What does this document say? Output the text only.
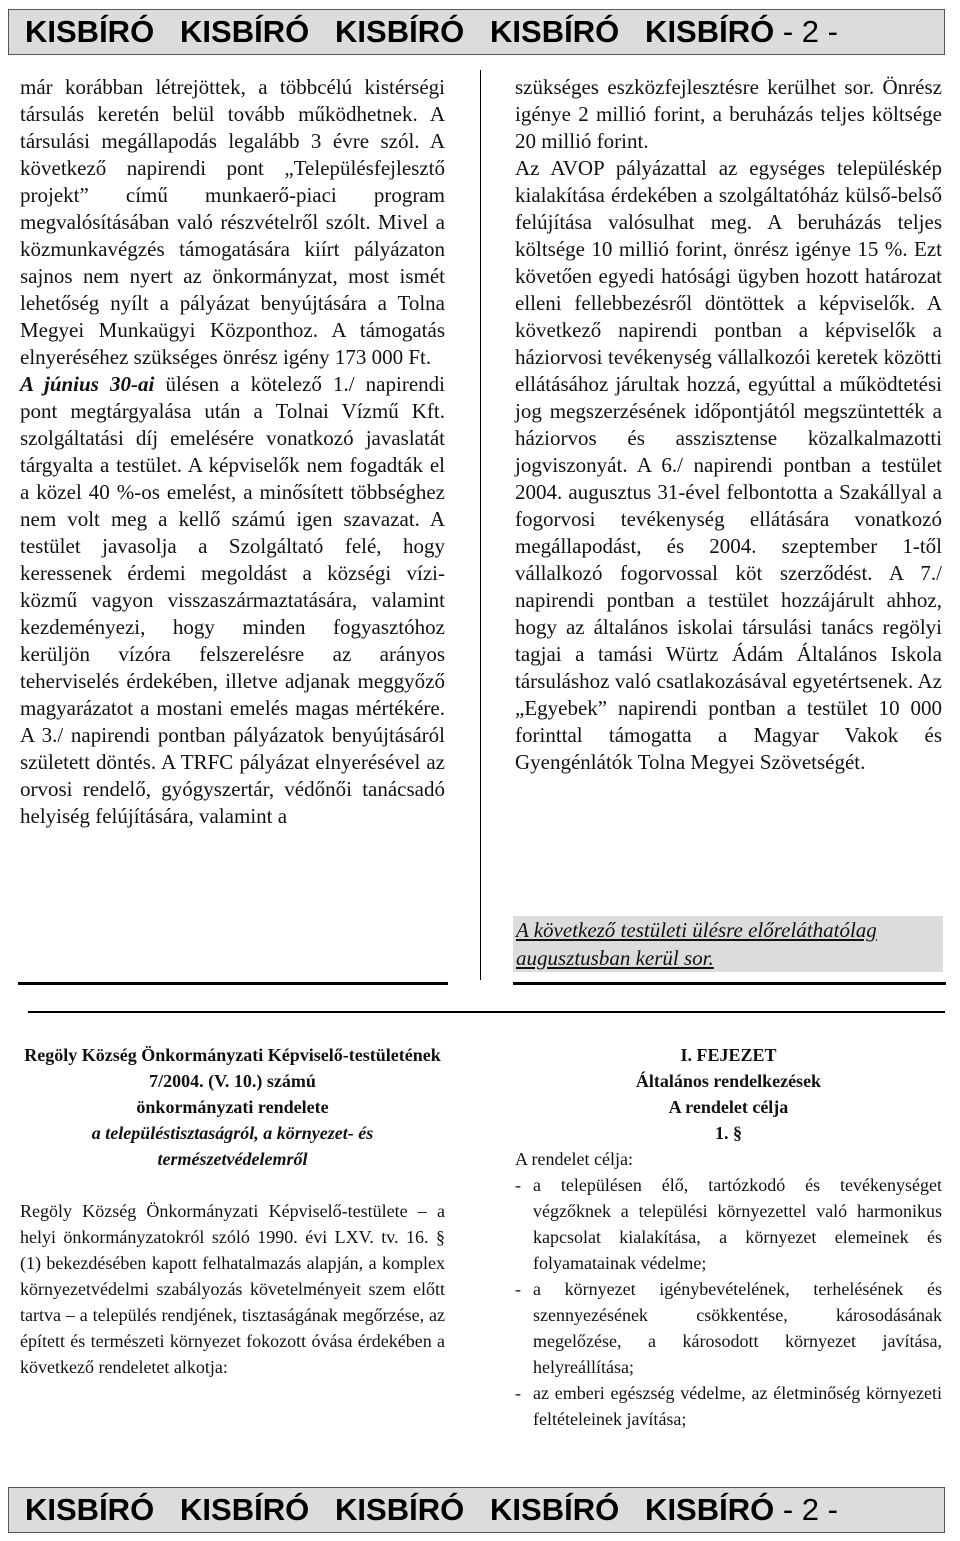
KISBÍRÓ   KISBÍRÓ   KISBÍRÓ   KISBÍRÓ   KISBÍRÓ - 2 -

már korábban létrejöttek, a többcélú kistérségi társulás keretén belül tovább működhetnek. A társulási megállapodás legalább 3 évre szól. A következő napirendi pont „Településfejlesztő projekt” című munkaerő-piaci program megvalósításában való részvételről szólt. Mivel a közmunkavégzés támogatására kiírt pályázaton sajnos nem nyert az önkormányzat, most ismét lehetőség nyílt a pályázat benyújtására a Tolna Megyei Munkaügyi Központhoz. A támogatás elnyeréséhez szükséges önrész igény 173 000 Ft.

A június 30-ai ülésen a kötelező 1./ napirendi pont megtárgyalása után a Tolnai Vízmű Kft. szolgáltatási díj emelésére vonatkozó javaslatát tárgyalta a testület. A képviselők nem fogadták el a közel 40 %-os emelést, a minősített többséghez nem volt meg a kellő számú igen szavazat. A testület javasolja a Szolgáltató felé, hogy keressenek érdemi megoldást a községi vízi-közmű vagyon visszaszármaztatására, valamint kezdeményezi, hogy minden fogyasztóhoz kerüljön vízóra felszerelésre az arányos teherviselés érdekében, illetve adjanak meggyőző magyarázatot a mostani emelés magas mértékére. A 3./ napirendi pontban pályázatok benyújtásáról született döntés. A TRFC pályázat elnyerésével az orvosi rendelő, gyógyszertár, védőnői tanácsadó helyiség felújítására, valamint a

szükséges eszközfejlesztésre kerülhet sor. Önrész igénye 2 millió forint, a beruházás teljes költsége 20 millió forint.

Az AVOP pályázattal az egységes településkép kialakítása érdekében a szolgáltatóház külső-belső felújítása valósulhat meg. A beruházás teljes költsége 10 millió forint, önrész igénye 15 %. Ezt követően egyedi hatósági ügyben hozott határozat elleni fellebbezésről döntöttek a képviselők. A következő napirendi pontban a képviselők a háziorvosi tevékenység vállalkozói keretek közötti ellátásához járultak hozzá, egyúttal a működtetési jog megszerzésének időpontjától megszüntették a háziorvos és asszisztense közalkalmazotti jogviszonyát. A 6./ napirendi pontban a testület 2004. augusztus 31-ével felbontotta a Szakállyal a fogorvosi tevékenység ellátására vonatkozó megállapodást, és 2004. szeptember 1-től vállalkozó fogorvossal köt szerződést. A 7./ napirendi pontban a testület hozzájárult ahhoz, hogy az általános iskolai társulási tanács regölyi tagjai a tamási Würtz Ádám Általános Iskola társuláshoz való csatlakozásával egyetértsenek. Az „Egyebek” napirendi pontban a testület 10 000 forinttal támogatta a Magyar Vakok és Gyengénlátók Tolna Megyei Szövetségét.

A következő testületi ülésre előreláthatólag
augusztusban kerül sor.
Regöly Község Önkormányzati Képviselő-testületének
7/2004. (V. 10.) számú
önkormányzati rendelete
a településtisztaságról, a környezet- és természetvédelemről
Regöly Község Önkormányzati Képviselő-testülete – a helyi önkormányzatokról szóló 1990. évi LXV. tv. 16. § (1) bekezdésében kapott felhatalmazás alapján, a komplex környezetvédelmi szabályozás követelményeit szem előtt tartva – a település rendjének, tisztaságának megőrzése, az épített és természeti környezet fokozott óvása érdekében a következő rendeletet alkotja:
I. FEJEZET
Általános rendelkezések
A rendelet célja
1. §
A rendelet célja:
- a településen élő, tartózkodó és tevékenységet végzőknek a települési környezettel való harmonikus kapcsolat kialakítása, a környezet elemeinek és folyamatainak védelme;
- a környezet igénybevételének, terhelésének és szennyezésének csökkentése, károsodásának megelőzése, a károsodott környezet javítása, helyreállítása;
- az emberi egészség védelme, az életminőség környezeti feltételeinek javítása;
KISBÍRÓ   KISBÍRÓ   KISBÍRÓ   KISBÍRÓ   KISBÍRÓ - 2 -
